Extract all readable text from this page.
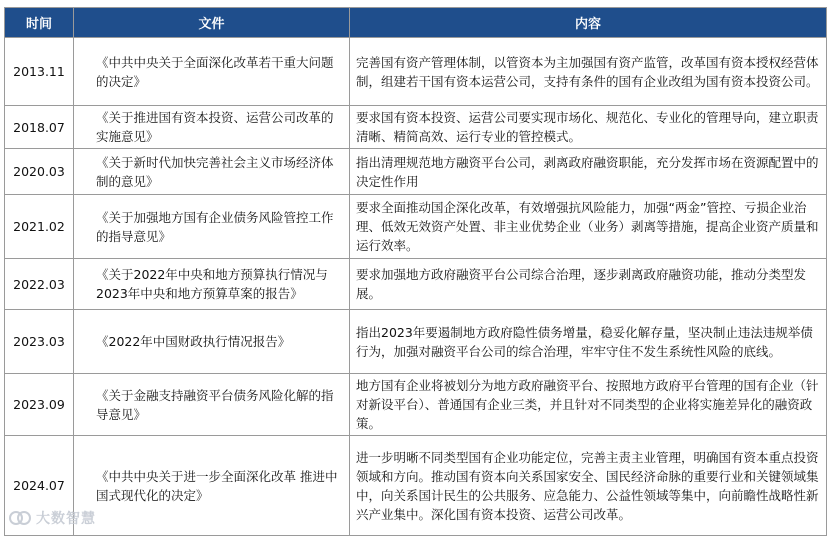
时间	文件	内容
2013.11	《中共中央关于全面深化改革若干重大问题的决定》	完善国有资产管理体制，以管资本为主加强国有资产监管，改革国有资本授权经营体制，组建若干国有资本运营公司，支持有条件的国有企业改组为国有资本投资公司。
2018.07	《关于推进国有资本投资、运营公司改革的实施意见》	要求国有资本投资、运营公司要实现市场化、规范化、专业化的管理导向，建立职责清晰、精简高效、运行专业的管控模式。
2020.03	《关于新时代加快完善社会主义市场经济体制的意见》	指出清理规范地方融资平台公司，剥离政府融资职能，充分发挥市场在资源配置中的决定性作用
2021.02	《关于加强地方国有企业债务风险管控工作的指导意见》	要求全面推动国企深化改革，有效增强抗风险能力，加强“两金”管控、亏损企业治理、低效无效资产处置、非主业优势企业（业务）剥离等措施，提高企业资产质量和运行效率。
2022.03	《关于2022年中央和地方预算执行情况与2023年中央和地方预算草案的报告》	要求加强地方政府融资平台公司综合治理，逐步剥离政府融资功能，推动分类型发展。
2023.03	《2022年中国财政执行情况报告》	指出2023年要遏制地方政府隐性债务增量，稳妥化解存量，坚决制止违法违规举债行为，加强对融资平台公司的综合治理，牢牢守住不发生系统性风险的底线。
2023.09	《关于金融支持融资平台债务风险化解的指导意见》	地方国有企业将被划分为地方政府融资平台、按照地方政府平台管理的国有企业（针对新设平台）、普通国有企业三类，并且针对不同类型的企业将实施差异化的融资政策。
2024.07	《中共中央关于进一步全面深化改革 推进中国式现代化的决定》	进一步明晰不同类型国有企业功能定位，完善主责主业管理，明确国有资本重点投资领域和方向。推动国有资本向关系国家安全、国民经济命脉的重要行业和关键领域集中，向关系国计民生的公共服务、应急能力、公益性领域等集中，向前瞻性战略性新兴产业集中。深化国有资本投资、运营公司改革。
大数智慧
